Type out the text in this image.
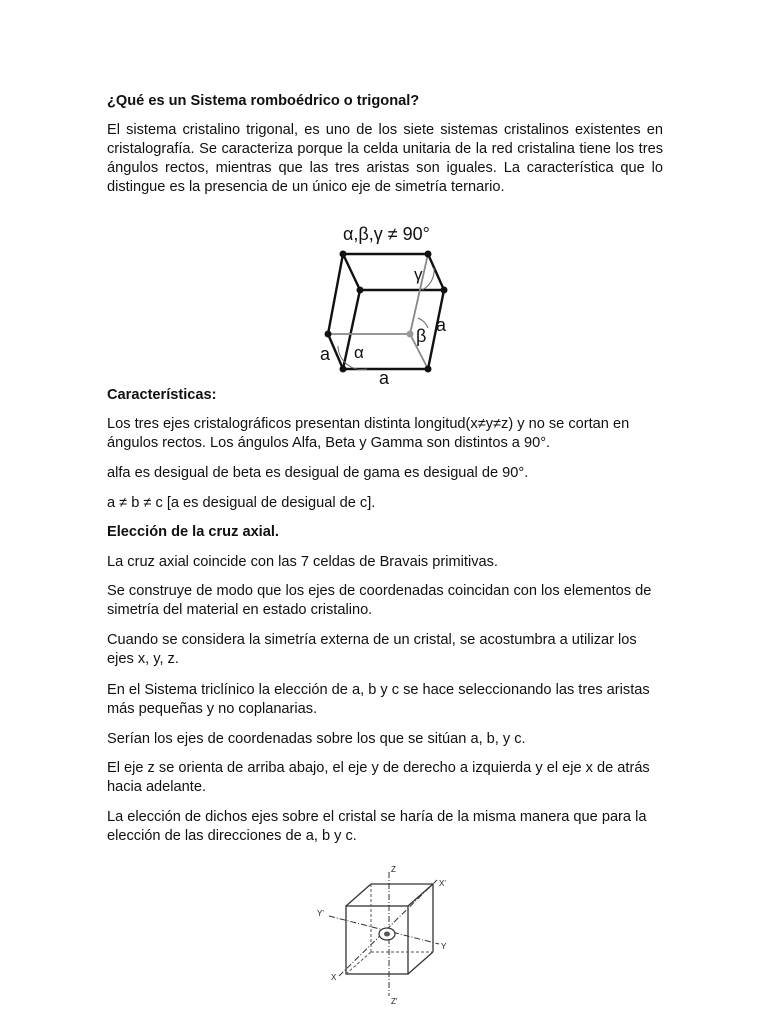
¿Qué es un Sistema romboédrico o trigonal?

El sistema cristalino trigonal, es uno de los siete sistemas cristalinos existentes en cristalografía. Se caracteriza porque la celda unitaria de la red cristalina tiene los tres ángulos rectos, mientras que las tres aristas son iguales. La característica que lo distingue es la presencia de un único eje de simetría ternario.

Características:

Los tres ejes cristalográficos presentan distinta longitud(x≠y≠z) y no se cortan en ángulos rectos. Los ángulos Alfa, Beta y Gamma son distintos a 90°.

alfa es desigual de beta es desigual de gama es desigual de 90°.

a ≠ b ≠ c [a es desigual de desigual de c].

Elección de la cruz axial.

La cruz axial coincide con las 7 celdas de Bravais primitivas.

Se construye de modo que los ejes de coordenadas coincidan con los elementos de simetría del material en estado cristalino.

Cuando se considera la simetría externa de un cristal, se acostumbra a utilizar los ejes x, y, z.

En el Sistema triclínico la elección de a, b y c se hace seleccionando las tres aristas más pequeñas y no coplanarias.

Serían los ejes de coordenadas sobre los que se sitúan a, b, y c.

El eje z se orienta de arriba abajo, el eje y de derecho a izquierda y el eje x de atrás hacia adelante.

La elección de dichos ejes sobre el cristal se haría de la misma manera que para la elección de las direcciones de a, b y c.

α,β,γ ≠ 90°
γ
β
α
a
a
a
Z
X'
Y'
Y
X
Z'
